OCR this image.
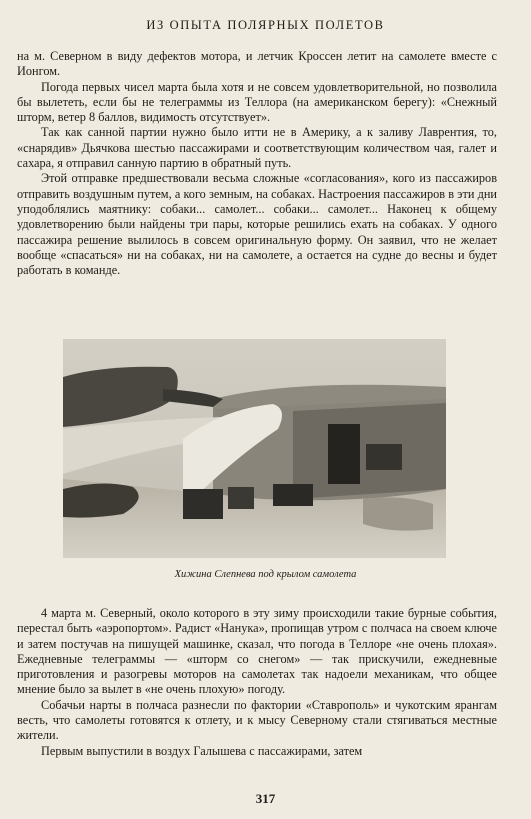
ИЗ ОПЫТА ПОЛЯРНЫХ ПОЛЕТОВ

на м. Северном в виду дефектов мотора, и летчик Кроссен летит на самолете вместе с Ионгом.

Погода первых чисел марта была хотя и не совсем удовлетворительной, но позволила бы вылететь, если бы не телеграммы из Теллора (на американском берегу): «Снежный шторм, ветер 8 баллов, видимость отсутствует».

Так как санной партии нужно было итти не в Америку, а к заливу Лаврентия, то, «снарядив» Дьячкова шестью пассажирами и соответствующим количеством чая, галет и сахара, я отправил санную партию в обратный путь.

Этой отправке предшествовали весьма сложные «согласования», кого из пассажиров отправить воздушным путем, а кого земным, на собаках. Настроения пассажиров в эти дни уподоблялись маятнику: собаки... самолет... собаки... самолет... Наконец к общему удовлетворению были найдены три пары, которые решились ехать на собаках. У одного пассажира решение вылилось в совсем оригинальную форму. Он заявил, что не желает вообще «спасаться» ни на собаках, ни на самолете, а остается на судне до весны и будет работать в команде.

Хижина Слепнева под крылом самолета

4 марта м. Северный, около которого в эту зиму происходили такие бурные события, перестал быть «аэропортом». Радист «Нанука», пропищав утром с полчаса на своем ключе и затем постучав на пишущей машинке, сказал, что погода в Теллоре «не очень плохая». Ежедневные телеграммы — «шторм со снегом» — так прискучили, ежедневные приготовления и разогревы моторов на самолетах так надоели механикам, что общее мнение было за вылет в «не очень плохую» погоду.

Собачьи нарты в полчаса разнесли по фактории «Ставрополь» и чукотским ярангам весть, что самолеты готовятся к отлету, и к мысу Северному стали стягиваться местные жители.

Первым выпустили в воздух Галышева с пассажирами, затем

317
